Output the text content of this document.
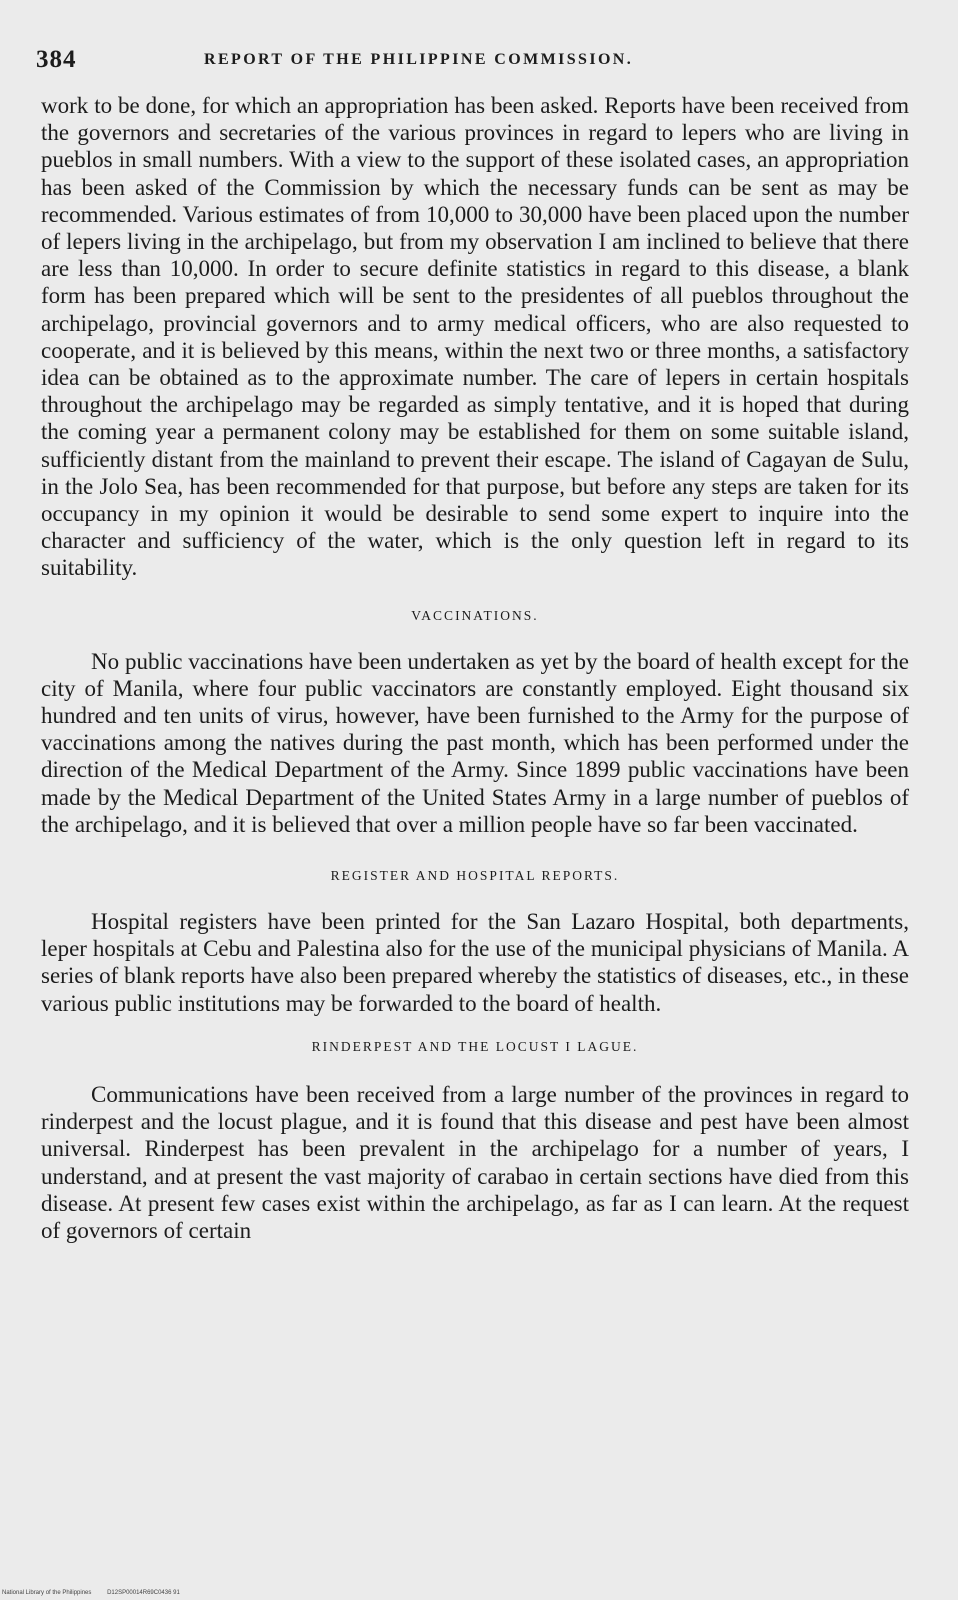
384	REPORT OF THE PHILIPPINE COMMISSION.

work to be done, for which an appropriation has been asked. Reports have been received from the governors and secretaries of the various provinces in regard to lepers who are living in pueblos in small numbers. With a view to the support of these isolated cases, an appropriation has been asked of the Commission by which the necessary funds can be sent as may be recommended. Various estimates of from 10,000 to 30,000 have been placed upon the number of lepers living in the archipelago, but from my observation I am inclined to believe that there are less than 10,000. In order to secure definite statistics in regard to this disease, a blank form has been prepared which will be sent to the presidentes of all pueblos throughout the archipelago, provincial governors and to army medical officers, who are also requested to cooperate, and it is believed by this means, within the next two or three months, a satisfactory idea can be obtained as to the approximate number. The care of lepers in certain hospitals throughout the archipelago may be regarded as simply tentative, and it is hoped that during the coming year a permanent colony may be established for them on some suitable island, sufficiently distant from the mainland to prevent their escape. The island of Cagayan de Sulu, in the Jolo Sea, has been recommended for that purpose, but before any steps are taken for its occupancy in my opinion it would be desirable to send some expert to inquire into the character and sufficiency of the water, which is the only question left in regard to its suitability.

VACCINATIONS.

No public vaccinations have been undertaken as yet by the board of health except for the city of Manila, where four public vaccinators are constantly employed. Eight thousand six hundred and ten units of virus, however, have been furnished to the Army for the purpose of vaccinations among the natives during the past month, which has been performed under the direction of the Medical Department of the Army. Since 1899 public vaccinations have been made by the Medical Department of the United States Army in a large number of pueblos of the archipelago, and it is believed that over a million people have so far been vaccinated.

REGISTER AND HOSPITAL REPORTS.

Hospital registers have been printed for the San Lazaro Hospital, both departments, leper hospitals at Cebu and Palestina also for the use of the municipal physicians of Manila. A series of blank reports have also been prepared whereby the statistics of diseases, etc., in these various public institutions may be forwarded to the board of health.

RINDERPEST AND THE LOCUST I LAGUE.

Communications have been received from a large number of the provinces in regard to rinderpest and the locust plague, and it is found that this disease and pest have been almost universal. Rinderpest has been prevalent in the archipelago for a number of years, I understand, and at present the vast majority of carabao in certain sections have died from this disease. At present few cases exist within the archipelago, as far as I can learn. At the request of governors of certain

National Library of the Philippines	D12SP00014R69C0436 91
